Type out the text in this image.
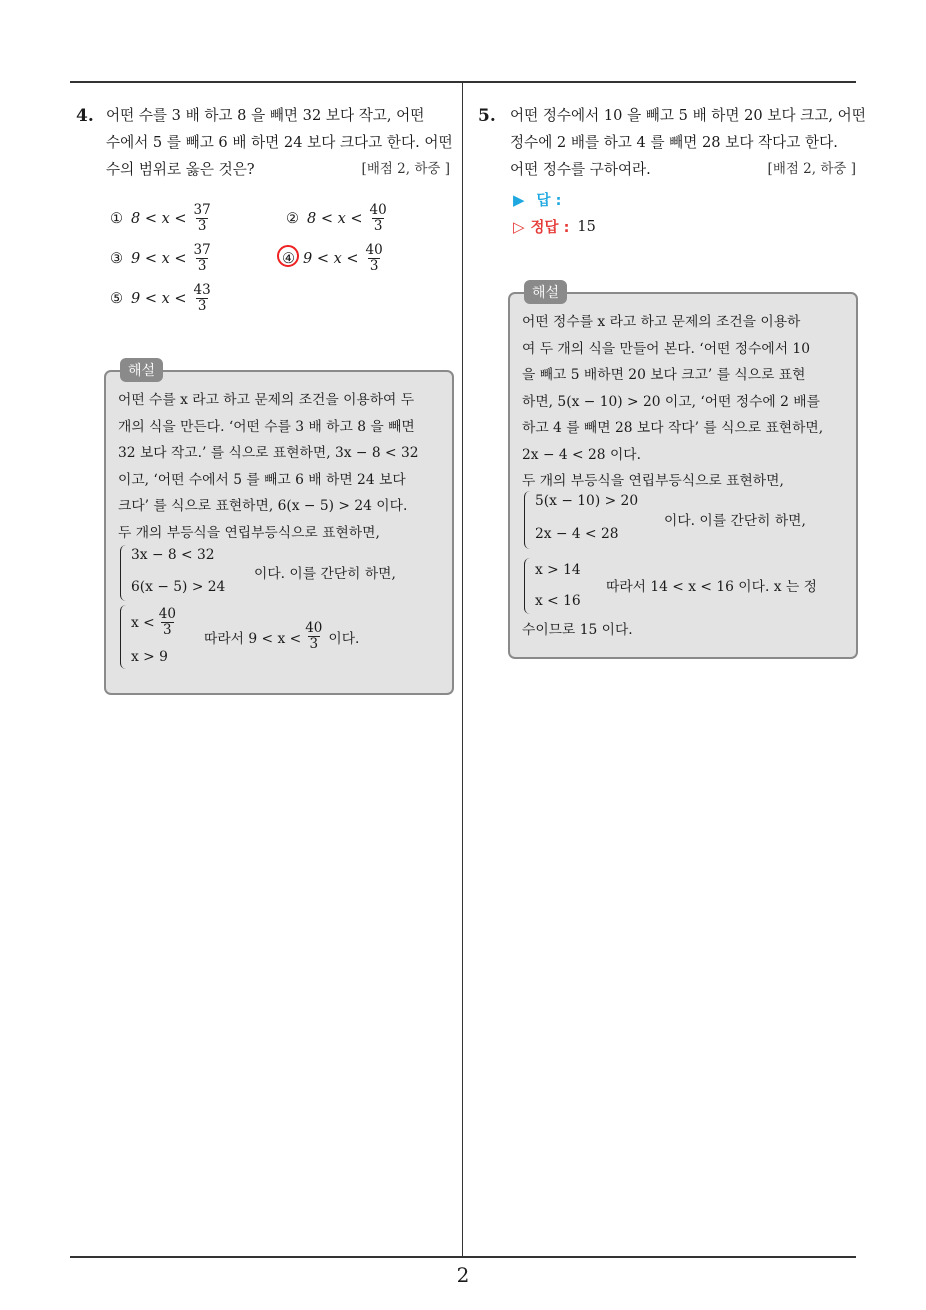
2
4. 어떤 수를 3 배 하고 8 을 빼면 32 보다 작고, 어떤
수에서 5 를 빼고 6 배 하면 24 보다 크다고 한다. 어떤
수의 범위로 옳은 것은?	[배점 2, 하중 ]
① $8 < x < \frac{37}{3}$	② $8 < x < \frac{40}{3}$
③ $9 < x < \frac{37}{3}$	④ $9 < x < \frac{40}{3}$
⑤ $9 < x < \frac{43}{3}$
해설
어떤 수를 x 라고 하고 문제의 조건을 이용하여 두
개의 식을 만든다. ‘어떤 수를 3 배 하고 8 을 빼면
32 보다 작고.’ 를 식으로 표현하면, 3x − 8 < 32
이고, ‘어떤 수에서 5 를 빼고 6 배 하면 24 보다
크다’ 를 식으로 표현하면, 6(x − 5) > 24 이다.
두 개의 부등식을 연립부등식으로 표현하면,
3x − 8 < 32
6(x − 5) > 24
이다. 이를 간단히 하면,
$x < \frac{40}{3}$
x > 9
따라서 $9 < x < \frac{40}{3}$ 이다.
5. 어떤 정수에서 10 을 빼고 5 배 하면 20 보다 크고, 어떤
정수에 2 배를 하고 4 를 빼면 28 보다 작다고 한다.
어떤 정수를 구하여라.	[배점 2, 하중 ]
▶ 답 :
▷ 정답 : 15
해설
어떤 정수를 x 라고 하고 문제의 조건을 이용하
여 두 개의 식을 만들어 본다. ‘어떤 정수에서 10
을 빼고 5 배하면 20 보다 크고’ 를 식으로 표현
하면, 5(x − 10) > 20 이고, ‘어떤 정수에 2 배를
하고 4 를 빼면 28 보다 작다’ 를 식으로 표현하면,
2x − 4 < 28 이다.
두 개의 부등식을 연립부등식으로 표현하면,
5(x − 10) > 20
2x − 4 < 28
이다. 이를 간단히 하면,
x > 14
x < 16
따라서 14 < x < 16 이다. x 는 정
수이므로 15 이다.
